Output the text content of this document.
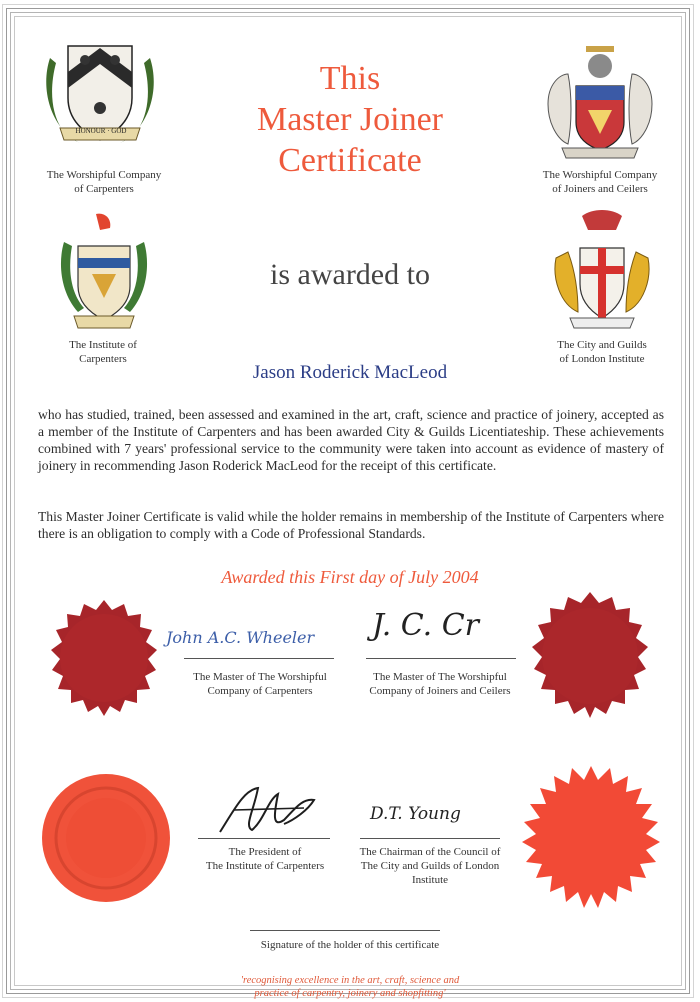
This
Master Joiner
Certificate
HONOUR · GOD
The Worshipful Company
of Carpenters
The Worshipful Company
of Joiners and Ceilers
The Institute of
Carpenters
The City and Guilds
of London Institute
is awarded to
Jason Roderick MacLeod
who has studied, trained, been assessed and examined in the art, craft, science and practice of joinery, accepted as a member of the Institute of Carpenters and has been awarded City & Guilds Licentiateship. These achievements combined with 7 years' professional service to the community were taken into account as evidence of mastery of joinery in recommending Jason Roderick MacLeod for the receipt of this certificate.
This Master Joiner Certificate is valid while the holder remains in membership of the Institute of Carpenters where there is an obligation to comply with a Code of Professional Standards.
Awarded this First day of July 2004
John A.C. Wheeler
The Master of The Worshipful
Company of Carpenters
J. C. Cr
The Master of The Worshipful
Company of Joiners and Ceilers
The President of
The Institute of Carpenters
D.T. Young
The Chairman of the Council of
The City and Guilds of London
Institute
Signature of the holder of this certificate
'recognising excellence in the art, craft, science and
practice of carpentry, joinery and shopfitting'
